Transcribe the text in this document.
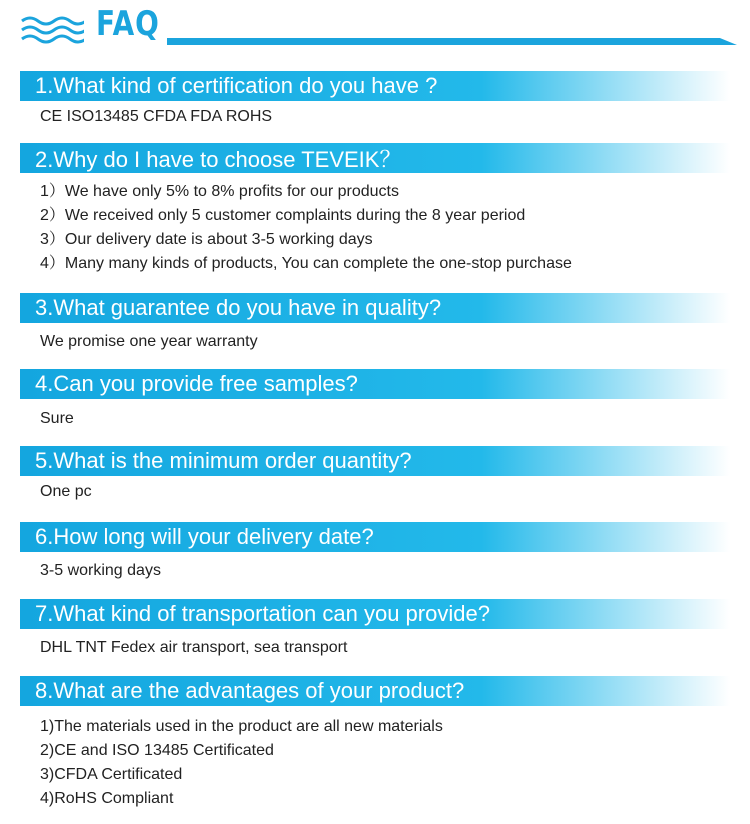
FAQ
1.What kind of certification do you have ?
CE ISO13485 CFDA FDA ROHS
2.Why do I have to choose TEVEIK？
1）We have only 5% to 8% profits for our products
2）We received only 5 customer complaints during the 8 year period
3）Our delivery date is about 3-5 working days
4）Many many kinds of products, You can complete the one-stop purchase
3.What guarantee do you have in quality?
We promise one year warranty
4.Can you provide free samples?
Sure
5.What is the minimum order quantity?
One pc
6.How long will your delivery date?
3-5 working days
7.What kind of transportation can you provide?
DHL TNT Fedex air transport, sea transport
8.What are the advantages of your product?
1)The materials used in the product are all new materials
2)CE and ISO 13485 Certificated
3)CFDA Certificated
4)RoHS Compliant
